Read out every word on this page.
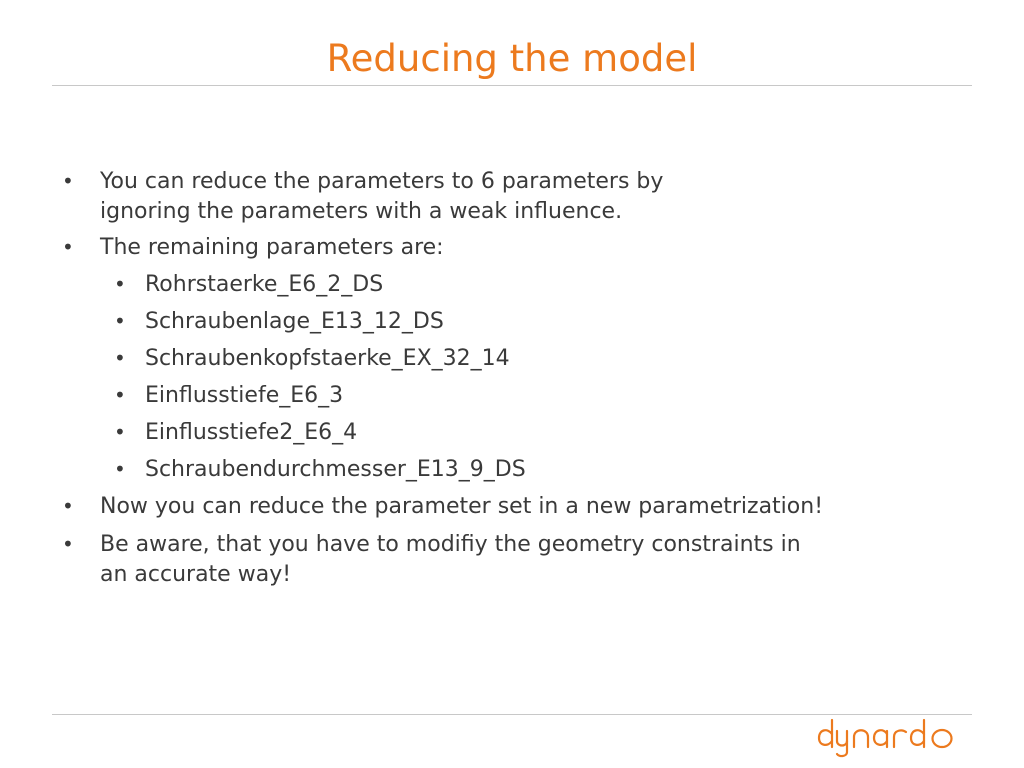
Reducing the model
• You can reduce the parameters to 6 parameters by
ignoring the parameters with a weak influence.
• The remaining parameters are:
• Rohrstaerke_E6_2_DS
• Schraubenlage_E13_12_DS
• Schraubenkopfstaerke_EX_32_14
• Einflusstiefe_E6_3
• Einflusstiefe2_E6_4
• Schraubendurchmesser_E13_9_DS
• Now you can reduce the parameter set in a new parametrization!
• Be aware, that you have to modifiy the geometry constraints in
an accurate way!
